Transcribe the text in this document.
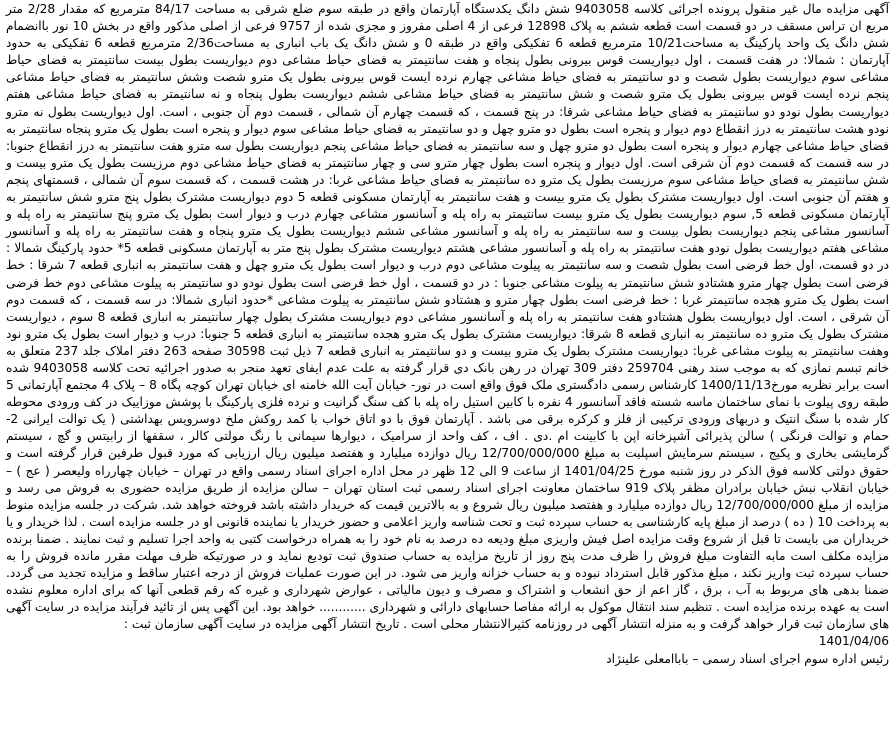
آگهی مزایده مال غیر منقول پرونده اجرائی کلاسه 9403058 شش دانگ یکدستگاه آپارتمان واقع در طبقه سوم ضلع شرقی به مساحت 84/17 مترمربع که مقدار 2/28 متر مربع ان تراس مسقف در دو قسمت است قطعه ششم به پلاک 12898 فرعی از 4 اصلی مفروز و مجزی شده از 9757 فرعی از اصلی مذکور واقع در بخش 10 نور باانضمام شش دانگ یک واحد پارکینگ به مساحت10/21 مترمربع قطعه 6 تفکیکی واقع در طبقه 0 و شش دانگ یک باب انباری به مساحت2/36 مترمربع قطعه 6 تفکیکی به حدود آپارتمان : شمالا: در هفت قسمت ، اول دیواریست قوس بیرونی بطول پنجاه و هفت سانتیمتر به فضای حیاط مشاعی دوم دیواریست بطول بیست سانتیمتر به فضای حیاط مشاعی سوم دیواریست بطول شصت و دو سانتیمتر به فضای حیاط مشاعی چهارم نرده ایست قوس بیرونی بطول یک مترو شصت وشش سانتیمتر به فضای حیاط مشاعی پنجم نرده ایست قوس بیرونی بطول یک مترو شصت و شش سانتیمتر به فضای حیاط مشاعی ششم دیواریست بطول پنجاه و نه سانتیمتر به فضای حیاط مشاعی هفتم دیواریست بطول نودو دو سانتیمتر به فضای حیاط مشاعی شرقا: در پنج قسمت ، که قسمت چهارم آن شمالی ، قسمت دوم آن جنوبی ، است. اول دیواریست بطول نه مترو نودو هشت سانتیمتر به درز انقطاع دوم دیوار و پنجره است بطول دو مترو چهل و دو سانتیمتر به فضای حیاط مشاعی سوم دیوار و پنجره است بطول یک مترو پنجاه سانتیمتر به فضای حیاط مشاعی چهارم دیوار و پنجره است بطول دو مترو چهل و سه سانتیمتر به فضای حیاط مشاعی پنجم دیواریست بطول سه مترو هفت سانتیمتر به درز انقطاع جنوبا: در سه قسمت که قسمت دوم آن شرقی است. اول دیوار و پنجره است بطول چهار مترو سی و چهار سانتیمتر به فضای حیاط مشاعی دوم مرزیست بطول یک مترو بیست و شش سانتیمتر به فضای حیاط مشاعی سوم مرزیست بطول یک مترو ده سانتیمتر به فضای حیاط مشاعی غربا: در هشت قسمت ، که قسمت سوم آن شمالی ، قسمتهای پنجم و هفتم آن جنوبی است. اول دیواریست مشترک بطول یک مترو بیست و هفت سانتیمتر به آپارتمان مسکونی قطعه 5 دوم دیواریست مشترک بطول پنج مترو شش سانتیمتر به آپارتمان مسکونی قطعه 5, سوم دیواریست بطول یک مترو بیست سانتیمتر به راه پله و آسانسور مشاعی چهارم درب و دیوار است بطول یک مترو پنج سانتیمتر به راه پله و آسانسور مشاعی پنجم دیواریست بطول بیست و سه سانتیمتر به راه پله و آسانسور مشاعی ششم دیواریست بطول یک مترو پنجاه و هفت سانتیمتر به راه پله و آسانسور مشاعی هفتم دیواریست بطول نودو هفت سانتیمتر به راه پله و آسانسور مشاعی هشتم دیواریست مشترک بطول پنج متر به آپارتمان مسکونی قطعه 5* حدود پارکینگ شمالا : در دو قسمت، اول خط فرضی است بطول شصت و سه سانتیمتر به پیلوت مشاعی دوم درب و دیوار است بطول یک مترو چهل و هفت سانتیمتر به انباری قطعه 7 شرقا : خط فرضی است بطول چهار مترو هشتادو شش سانتیمتر به پیلوت مشاعی جنوبا : در دو قسمت ، اول خط فرضی است بطول نودو دو سانتیمتر به پیلوت مشاعی دوم خط فرضی است بطول یک مترو هجده سانتیمتر غربا : خط فرضی است بطول چهار مترو و هشتادو شش سانتیمتر به پیلوت مشاعی *حدود انباری شمالا: در سه قسمت ، که قسمت دوم آن شرقی ، است. اول دیواریست بطول هشتادو هفت سانتیمتر به راه پله و آسانسور مشاعی دوم دیواریست مشترک بطول چهار سانتیمتر به انباری قطعه 8 سوم ، دیواریست مشترک بطول یک مترو ده سانتیمتر به انباری قطعه 8 شرقا: دیواریست مشترک بطول یک مترو هجده سانتیمتر به انباری قطعه 5 جنوبا: درب و دیوار است بطول یک مترو نود وهفت سانتیمتر به پیلوت مشاعی غربا: دیواریست مشترک بطول یک مترو بیست و دو سانتیمتر به انباری قطعه 7 ذیل ثبت 30598 صفحه 263 دفتر املاک جلد 237 متعلق به خانم تبسم نمازی که به موجب سند رهنی 259704 دفتر 309 تهران در رهن بانک دی قرار گرفته به علت عدم ایفای تعهد منجر به صدور اجرائیه تحت کلاسه 9403058 شده است برابر نظریه مورخ1400/11/13 کارشناس رسمی دادگستری ملک فوق واقع است در نور- خیابان آیت الله خامنه ای خیابان تهران کوچه پگاه 8 – پلاک 4 مجتمع آپارتمانی 5 طبقه روی پیلوت با نمای ساختمان ماسه شسته فاقد آسانسور 4 نفره با کابین استیل راه پله با کف سنگ گرانیت و نرده فلزی پارکینگ با پوشش موزاییک در کف ورودی محوطه کار شده با سنگ انتیک و دربهای ورودی ترکیبی از فلز و کرکره برقی می باشد . آپارتمان فوق با دو اتاق خواب با کمد روکش ملخ دوسرویس بهداشتی ( یک توالت ایرانی 2- حمام و توالت فرنگی ) سالن پذیرائی آشپزخانه اپن با کابینت ام .دی . اف ، کف واحد از سرامیک ، دیوارها سیمانی با رنگ مولتی کالر ، سقفها از رابیتس و گچ ، سیستم گرمایشی بخاری و پکیج ، سیستم سرمایش اسپلیت به مبلغ 12/700/000/000 ریال دوازده میلیارد و هفتصد میلیون ریال ارزیابی که مورد قبول طرفین قرار گرفته است و حقوق دولتی کلاسه فوق الذکر در روز شنبه مورخ 1401/04/25 از ساعت 9 الی 12 ظهر در محل اداره اجرای اسناد رسمی واقع در تهران – خیابان چهارراه ولیعصر ( عج ) – خیابان انقلاب نبش خیابان برادران مظفر پلاک 919 ساختمان معاونت اجرای اسناد رسمی ثبت استان تهران – سالن مزایده از طریق مزایده حضوری به فروش می رسد و مزایده از مبلغ 12/700/000/000 ریال دوازده میلیارد و هفتصد میلیون ریال شروع و به بالاترین قیمت که خریدار داشته باشد فروخته خواهد شد. شرکت در جلسه مزایده منوط به پرداخت 10 ( ده ) درصد از مبلغ پایه کارشناسی به حساب سپرده ثبت و تحت شناسه واریز اعلامی و حضور خریدار یا نماینده قانونی او در جلسه مزایده است . لذا خریدار و یا خریداران می بایست تا قبل از شروع وقت مزایده اصل فیش واریزی مبلغ ودیعه ده درصد به نام خود را به همراه درخواست کتبی به واحد اجرا تسلیم و ثبت نمایند . ضمنا برنده مزایده مکلف است مابه التفاوت مبلغ فروش را ظرف مدت پنج روز از تاریخ مزایده به حساب صندوق ثبت تودیع نماید و در صورتیکه ظرف مهلت مقرر مانده فروش را به حساب سپرده ثبت واریز نکند ، مبلغ مذکور قابل استرداد نبوده و به حساب خزانه واریز می شود. در این صورت عملیات فروش از درجه اعتبار ساقط و مزایده تجدید می گردد. ضمنا بدهی های مربوط به آب ، برق ، گاز اعم از حق انشعاب و اشتراک و مصرف و دیون مالیاتی ، عوارض شهرداری و غیره که رقم قطعی آنها که برای اداره معلوم نشده است به عهده برنده مزایده است . تنظیم سند انتقال موکول به ارائه مفاصا حسابهای دارائی و شهرداری ............ خواهد بود. این آگهی پس از تائید فرآیند مزایده در سایت آگهی های سازمان ثبت قرار خواهد گرفت و به منزله انتشار آگهی در روزنامه کثیرالانتشار محلی است . تاریخ انتشار آگهی مزایده در سایت آگهی سازمان ثبت :

1401/04/06
رئیس اداره سوم اجرای اسناد رسمی – باباامعلی علینژاد
